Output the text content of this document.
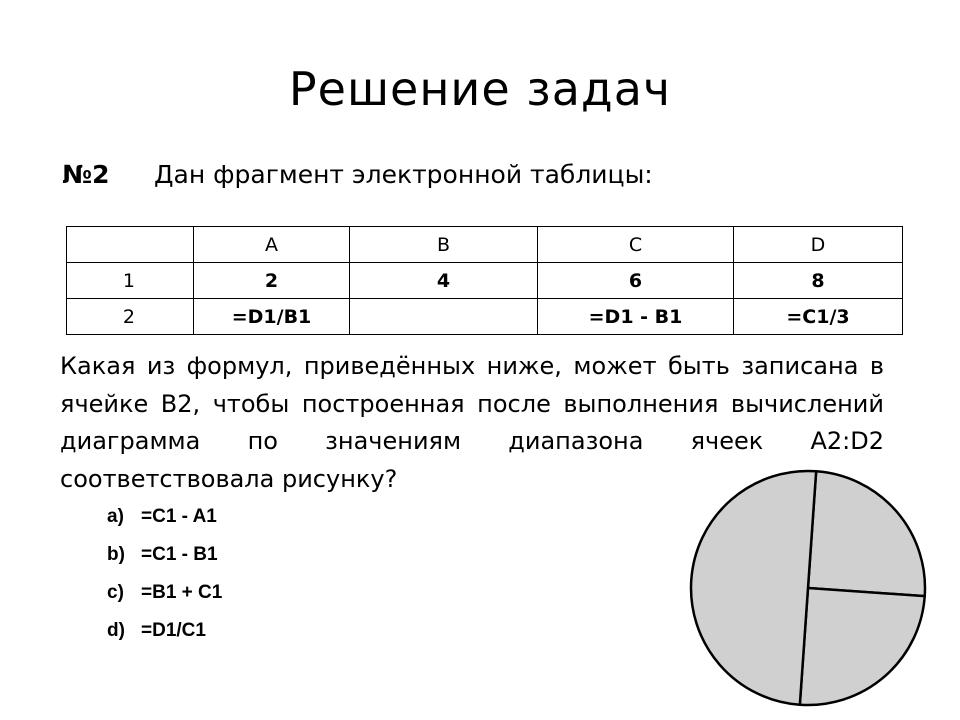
Решение задач
№2 Дан фрагмент электронной таблицы:
	A	B	C	D
1	2	4	6	8
2	=D1/B1		=D1 - B1	=C1/3
Какая из формул, приведённых ниже, может быть записана в ячейке B2, чтобы построенная после выполнения вычислений диаграмма по значениям диапазона ячеек A2:D2 соответствовала рисунку?
a) =C1 - A1
b) =C1 - B1
c) =B1 + C1
d) =D1/C1
